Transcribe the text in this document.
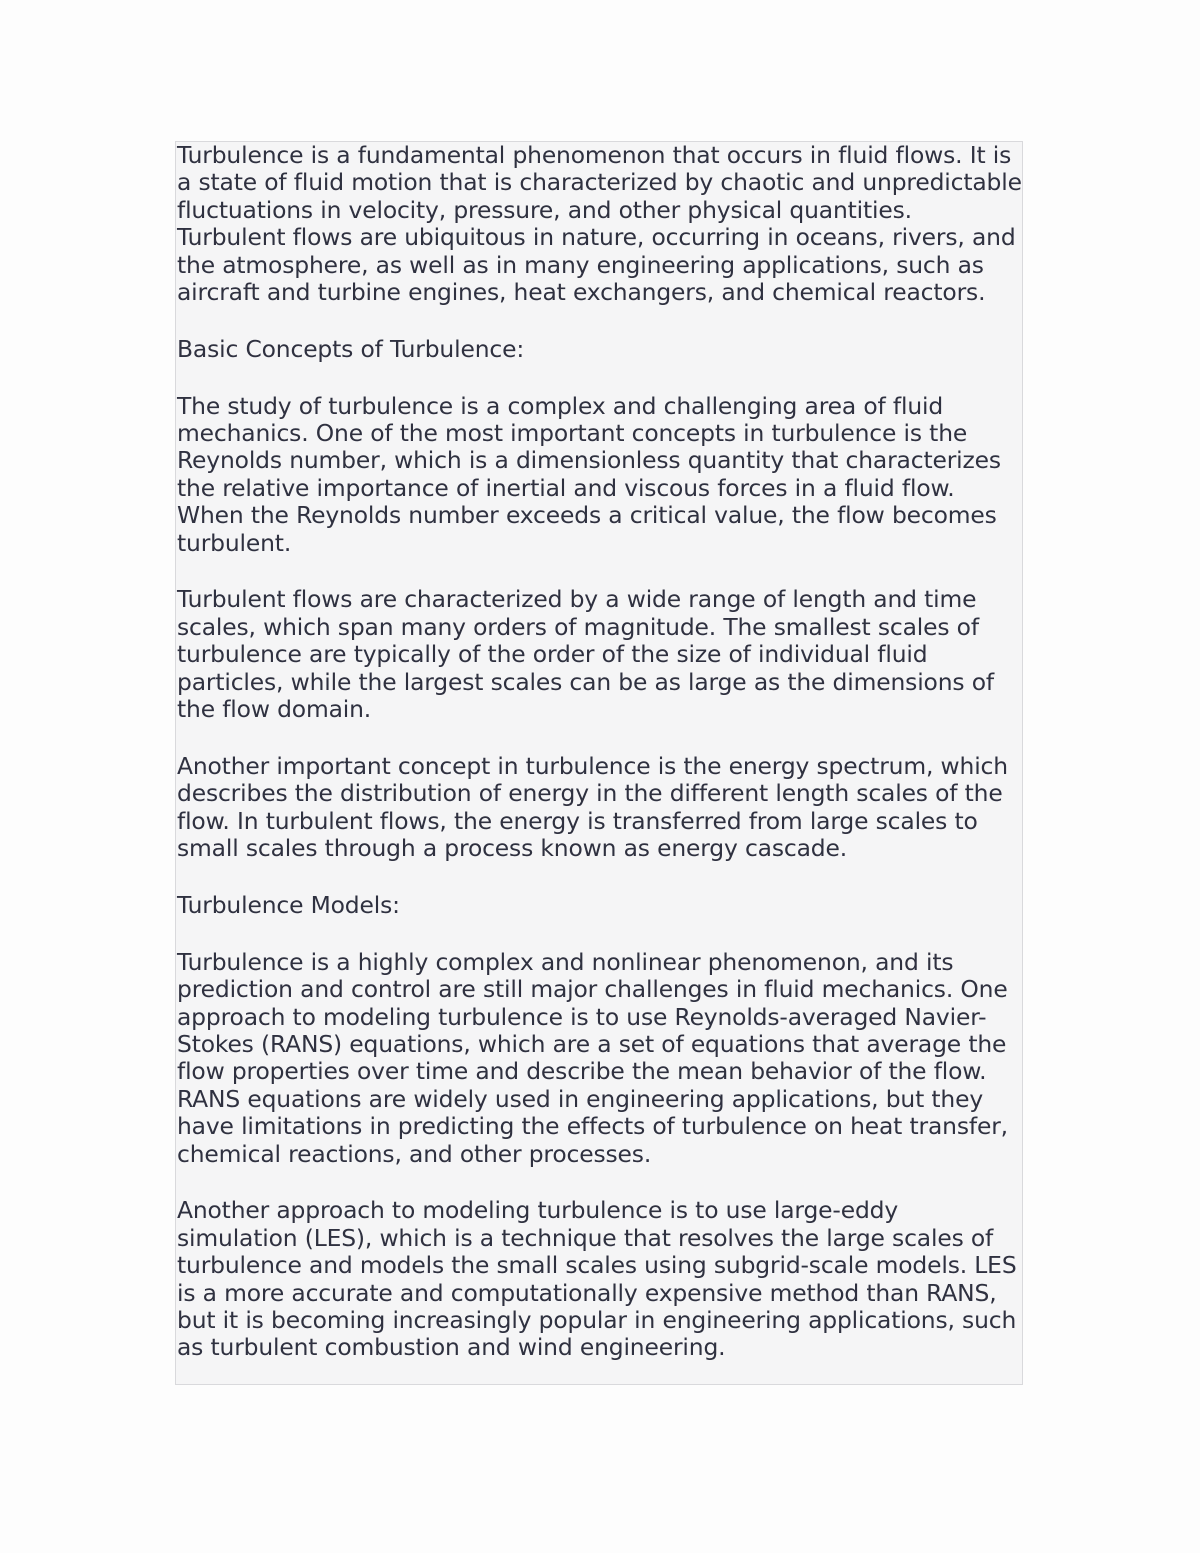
Turbulence is a fundamental phenomenon that occurs in fluid flows. It is a state of fluid motion that is characterized by chaotic and unpredictable fluctuations in velocity, pressure, and other physical quantities. Turbulent flows are ubiquitous in nature, occurring in oceans, rivers, and the atmosphere, as well as in many engineering applications, such as aircraft and turbine engines, heat exchangers, and chemical reactors.

Basic Concepts of Turbulence:

The study of turbulence is a complex and challenging area of fluid mechanics. One of the most important concepts in turbulence is the Reynolds number, which is a dimensionless quantity that characterizes the relative importance of inertial and viscous forces in a fluid flow. When the Reynolds number exceeds a critical value, the flow becomes turbulent.

Turbulent flows are characterized by a wide range of length and time scales, which span many orders of magnitude. The smallest scales of turbulence are typically of the order of the size of individual fluid particles, while the largest scales can be as large as the dimensions of the flow domain.

Another important concept in turbulence is the energy spectrum, which describes the distribution of energy in the different length scales of the flow. In turbulent flows, the energy is transferred from large scales to small scales through a process known as energy cascade.

Turbulence Models:

Turbulence is a highly complex and nonlinear phenomenon, and its prediction and control are still major challenges in fluid mechanics. One approach to modeling turbulence is to use Reynolds-averaged Navier-Stokes (RANS) equations, which are a set of equations that average the flow properties over time and describe the mean behavior of the flow. RANS equations are widely used in engineering applications, but they have limitations in predicting the effects of turbulence on heat transfer, chemical reactions, and other processes.

Another approach to modeling turbulence is to use large-eddy simulation (LES), which is a technique that resolves the large scales of turbulence and models the small scales using subgrid-scale models. LES is a more accurate and computationally expensive method than RANS, but it is becoming increasingly popular in engineering applications, such as turbulent combustion and wind engineering.
